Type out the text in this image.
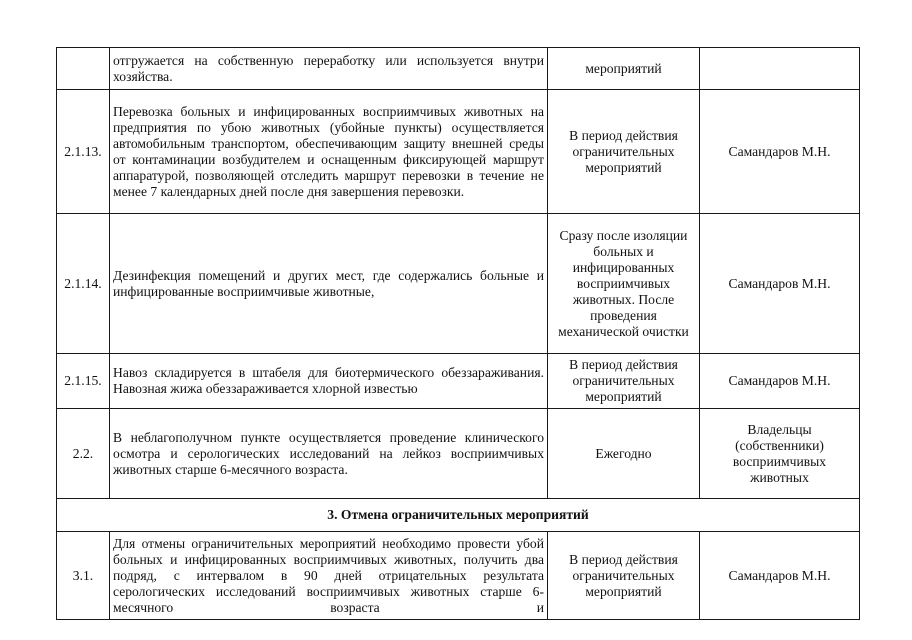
	отгружается на собственную переработку или используется внутри хозяйства.	мероприятий	
2.1.13.	Перевозка больных и инфицированных восприимчивых животных на предприятия по убою животных (убойные пункты) осуществляется автомобильным транспортом, обеспечивающим защиту внешней среды от контаминации возбудителем и оснащенным фиксирующей маршрут аппаратурой, позволяющей отследить маршрут перевозки в течение не менее 7 календарных дней после дня завершения перевозки.	В период действия ограничительных мероприятий	Самандаров М.Н.
2.1.14.	Дезинфекция помещений и других мест, где содержались больные и инфицированные восприимчивые животные,	Сразу после изоляции больных и инфицированных восприимчивых животных. После проведения механической очистки	Самандаров М.Н.
2.1.15.	Навоз складируется в штабеля для биотермического обеззараживания. Навозная жижа обеззараживается хлорной известью	В период действия ограничительных мероприятий	Самандаров М.Н.
2.2.	В неблагополучном пункте осуществляется проведение клинического осмотра и серологических исследований на лейкоз восприимчивых животных старше 6-месячного возраста.	Ежегодно	Владельцы (собственники) восприимчивых животных
3. Отмена ограничительных мероприятий			
3.1.	Для отмены ограничительных мероприятий необходимо провести убой больных и инфицированных восприимчивых животных, получить два подряд, с интервалом в 90 дней отрицательных результата серологических исследований восприимчивых животных старше 6-месячного возраста и	В период действия ограничительных мероприятий	Самандаров М.Н.
